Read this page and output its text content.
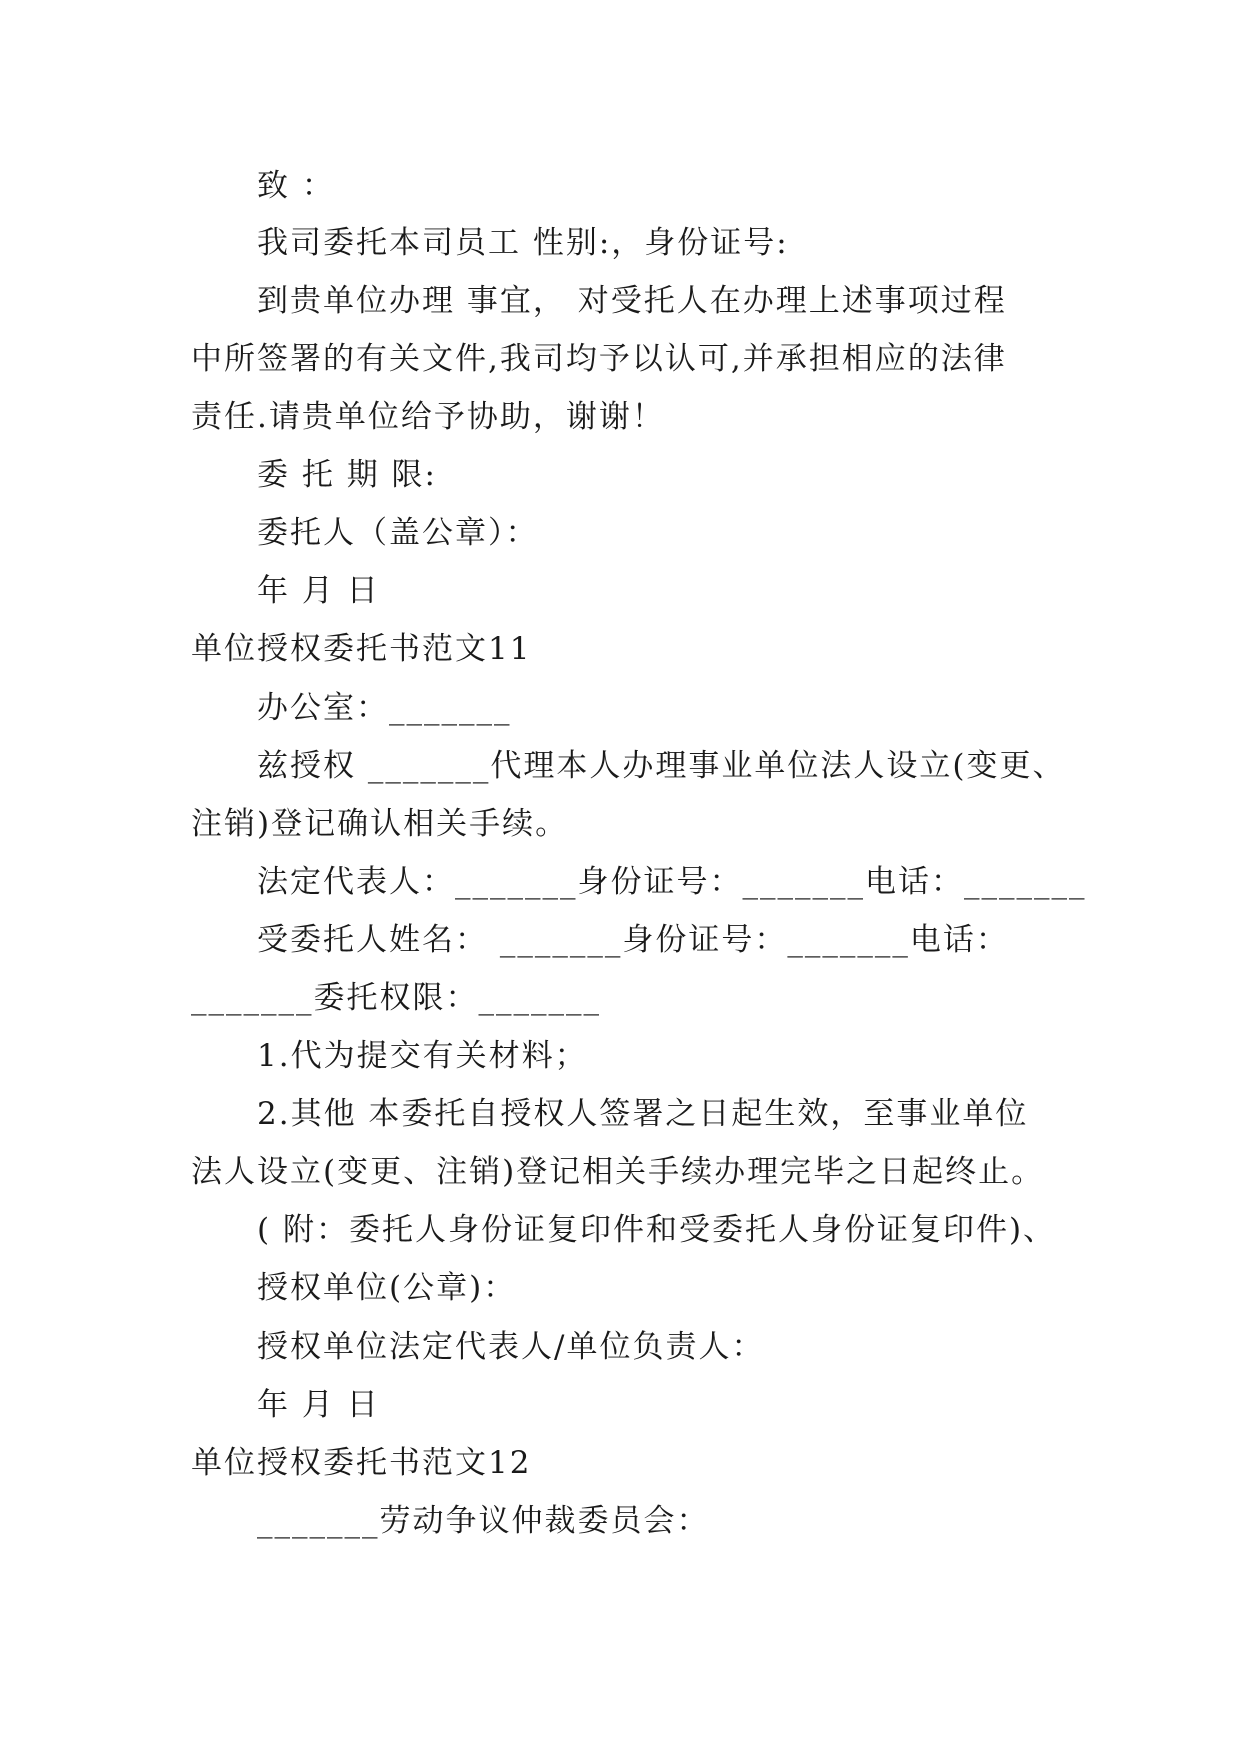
致 ：
我司委托本司员工 性别:，身份证号:
到贵单位办理 事宜， 对受托人在办理上述事项过程
中所签署的有关文件,我司均予以认可,并承担相应的法律
责任.请贵单位给予协助，谢谢！
委 托 期 限:
委托人（盖公章）：
年 月 日
单位授权委托书范文11
办公室：_______
兹授权 _______代理本人办理事业单位法人设立(变更、
注销)登记确认相关手续。
法定代表人：_______身份证号：_______电话：_______
受委托人姓名： _______身份证号：_______电话：
_______委托权限：_______
1.代为提交有关材料；
2.其他 本委托自授权人签署之日起生效，至事业单位
法人设立(变更、注销)登记相关手续办理完毕之日起终止。
( 附：委托人身份证复印件和受委托人身份证复印件)、
授权单位(公章)：
授权单位法定代表人/单位负责人：
年 月 日
单位授权委托书范文12
_______劳动争议仲裁委员会：
